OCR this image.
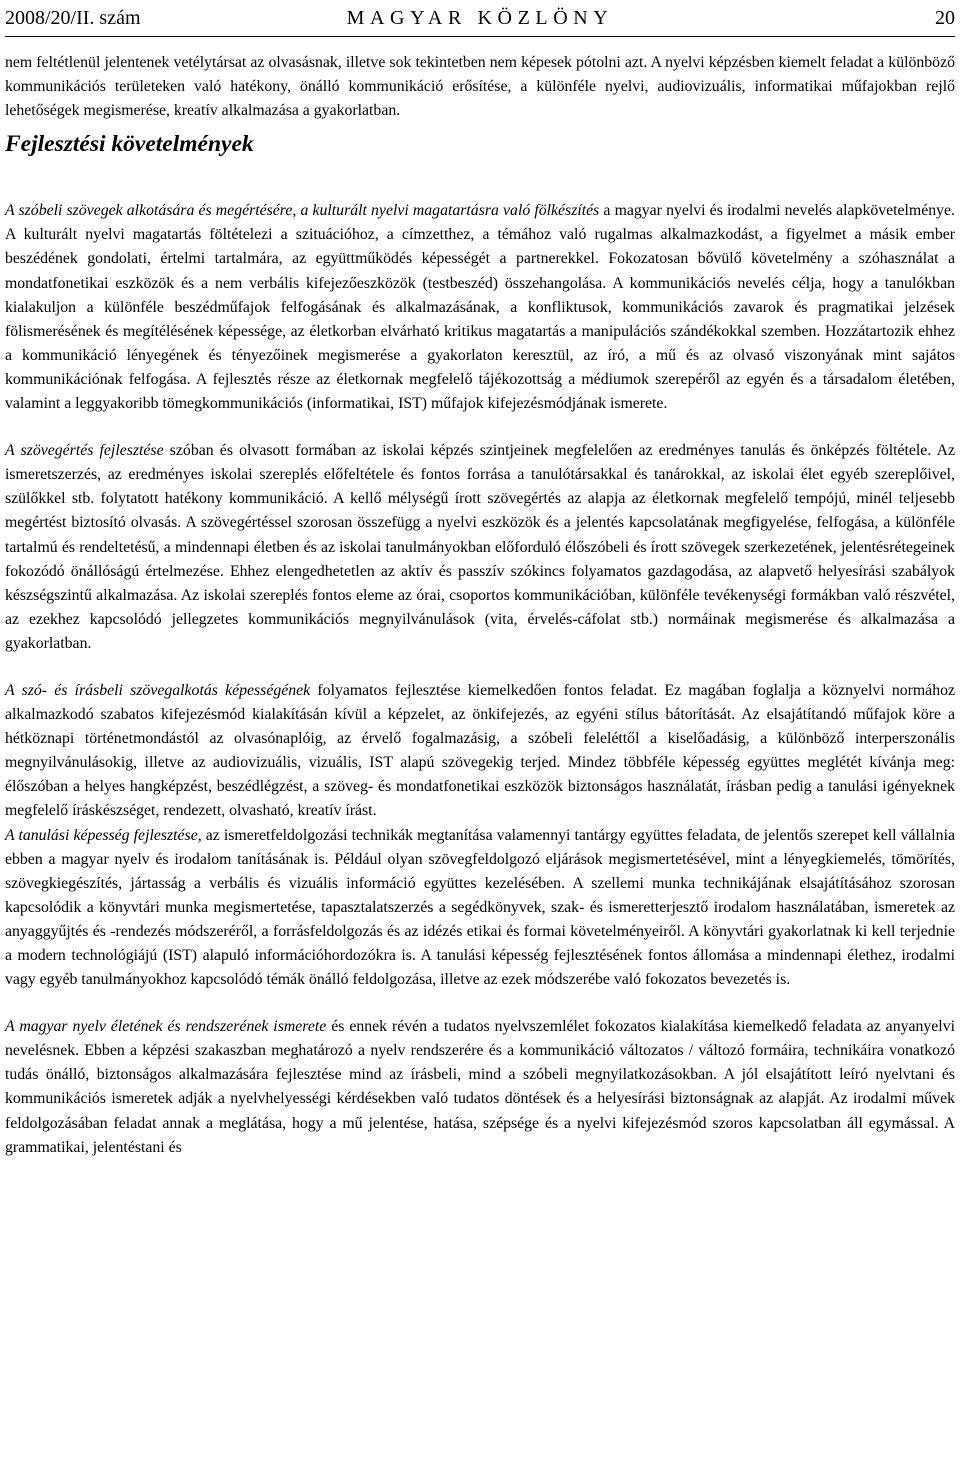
2008/20/II. szám	MAGYAR KÖZLÖNY	20

nem feltétlenül jelentenek vetélytársat az olvasásnak, illetve sok tekintetben nem képesek pótolni azt. A nyelvi képzésben kiemelt feladat a különböző kommunikációs területeken való hatékony, önálló kommunikáció erősítése, a különféle nyelvi, audiovizuális, informatikai műfajokban rejlő lehetőségek megismerése, kreatív alkalmazása a gyakorlatban.

Fejlesztési követelmények

A szóbeli szövegek alkotására és megértésére, a kulturált nyelvi magatartásra való fölkészítés a magyar nyelvi és irodalmi nevelés alapkövetelménye. A kulturált nyelvi magatartás föltételezi a szituációhoz, a címzetthez, a témához való rugalmas alkalmazkodást, a figyelmet a másik ember beszédének gondolati, értelmi tartalmára, az együttműködés képességét a partnerekkel. Fokozatosan bővülő követelmény a szóhasználat a mondatfonetikai eszközök és a nem verbális kifejezőeszközök (testbeszéd) összehangolása. A kommunikációs nevelés célja, hogy a tanulókban kialakuljon a különféle beszédműfajok felfogásának és alkalmazásának, a konfliktusok, kommunikációs zavarok és pragmatikai jelzések fölismerésének és megítélésének képessége, az életkorban elvárható kritikus magatartás a manipulációs szándékokkal szemben. Hozzátartozik ehhez a kommunikáció lényegének és tényezőinek megismerése a gyakorlaton keresztül, az író, a mű és az olvasó viszonyának mint sajátos kommunikációnak felfogása. A fejlesztés része az életkornak megfelelő tájékozottság a médiumok szerepéről az egyén és a társadalom életében, valamint a leggyakoribb tömegkommunikációs (informatikai, IST) műfajok kifejezésmódjának ismerete.

A szövegértés fejlesztése szóban és olvasott formában az iskolai képzés szintjeinek megfelelően az eredményes tanulás és önképzés föltétele. Az ismeretszerzés, az eredményes iskolai szereplés előfeltétele és fontos forrása a tanulótársakkal és tanárokkal, az iskolai élet egyéb szereplőivel, szülőkkel stb. folytatott hatékony kommunikáció. A kellő mélységű írott szövegértés az alapja az életkornak megfelelő tempójú, minél teljesebb megértést biztosító olvasás. A szövegértéssel szorosan összefügg a nyelvi eszközök és a jelentés kapcsolatának megfigyelése, felfogása, a különféle tartalmú és rendeltetésű, a mindennapi életben és az iskolai tanulmányokban előforduló élőszóbeli és írott szövegek szerkezetének, jelentésrétegeinek fokozódó önállóságú értelmezése. Ehhez elengedhetetlen az aktív és passzív szókincs folyamatos gazdagodása, az alapvető helyesírási szabályok készségszintű alkalmazása. Az iskolai szereplés fontos eleme az órai, csoportos kommunikációban, különféle tevékenységi formákban való részvétel, az ezekhez kapcsolódó jellegzetes kommunikációs megnyilvánulások (vita, érvelés-cáfolat stb.) normáinak megismerése és alkalmazása a gyakorlatban.

A szó- és írásbeli szövegalkotás képességének folyamatos fejlesztése kiemelkedően fontos feladat. Ez magában foglalja a köznyelvi normához alkalmazkodó szabatos kifejezésmód kialakításán kívül a képzelet, az önkifejezés, az egyéni stílus bátorítását. Az elsajátítandó műfajok köre a hétköznapi történetmondástól az olvasónaplóig, az érvelő fogalmazásig, a szóbeli feleléttől a kiselőadásig, a különböző interperszonális megnyilvánulásokig, illetve az audiovizuális, vizuális, IST alapú szövegekig terjed. Mindez többféle képesség együttes meglétét kívánja meg: élőszóban a helyes hangképzést, beszédlégzést, a szöveg- és mondatfonetikai eszközök biztonságos használatát, írásban pedig a tanulási igényeknek megfelelő íráskészséget, rendezett, olvasható, kreatív írást.

A tanulási képesség fejlesztése, az ismeretfeldolgozási technikák megtanítása valamennyi tantárgy együttes feladata, de jelentős szerepet kell vállalnia ebben a magyar nyelv és irodalom tanításának is. Például olyan szövegfeldolgozó eljárások megismertetésével, mint a lényegkiemelés, tömörítés, szövegkiegészítés, jártasság a verbális és vizuális információ együttes kezelésében. A szellemi munka technikájának elsajátításához szorosan kapcsolódik a könyvtári munka megismertetése, tapasztalatszerzés a segédkönyvek, szak- és ismeretterjesztő irodalom használatában, ismeretek az anyaggyűjtés és -rendezés módszeréről, a forrásfeldolgozás és az idézés etikai és formai követelményeiről. A könyvtári gyakorlatnak ki kell terjednie a modern technológiájú (IST) alapuló információhordozókra is. A tanulási képesség fejlesztésének fontos állomása a mindennapi élethez, irodalmi vagy egyéb tanulmányokhoz kapcsolódó témák önálló feldolgozása, illetve az ezek módszerébe való fokozatos bevezetés is.

A magyar nyelv életének és rendszerének ismerete és ennek révén a tudatos nyelvszemlélet fokozatos kialakítása kiemelkedő feladata az anyanyelvi nevelésnek. Ebben a képzési szakaszban meghatározó a nyelv rendszerére és a kommunikáció változatos / változó formáira, technikáira vonatkozó tudás önálló, biztonságos alkalmazására fejlesztése mind az írásbeli, mind a szóbeli megnyilatkozásokban. A jól elsajátított leíró nyelvtani és kommunikációs ismeretek adják a nyelvhelyességi kérdésekben való tudatos döntések és a helyesírási biztonságnak az alapját. Az irodalmi művek feldolgozásában feladat annak a meglátása, hogy a mű jelentése, hatása, szépsége és a nyelvi kifejezésmód szoros kapcsolatban áll egymással. A grammatikai, jelentéstani és
